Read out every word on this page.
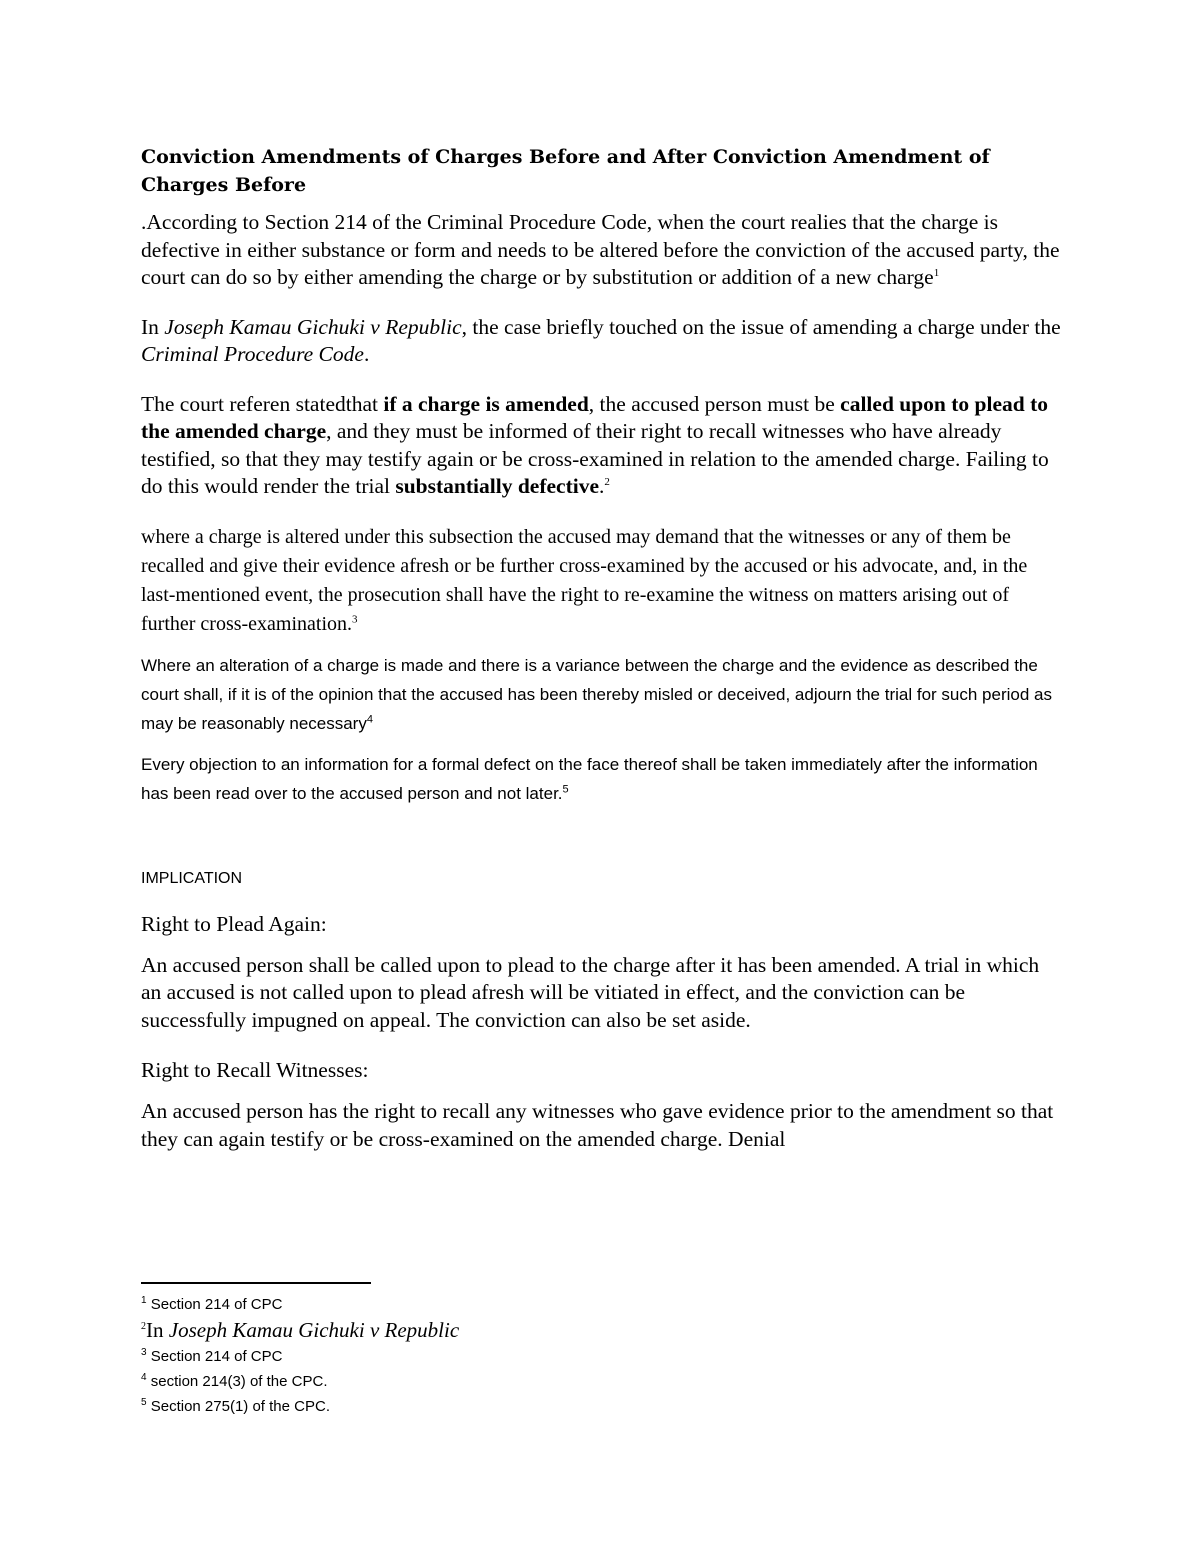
Conviction Amendments of Charges Before and After Conviction Amendment of Charges Before

.According to Section 214 of the Criminal Procedure Code, when the court realies that the charge is defective in either substance or form and needs to be altered before the conviction of the accused party, the court can do so by either amending the charge or by substitution or addition of a new charge$^1$

In Joseph Kamau Gichuki v Republic, the case briefly touched on the issue of amending a charge under the Criminal Procedure Code.

The court referen statedthat if a charge is amended, the accused person must be called upon to plead to the amended charge, and they must be informed of their right to recall witnesses who have already testified, so that they may testify again or be cross-examined in relation to the amended charge. Failing to do this would render the trial substantially defective.$^2$

where a charge is altered under this subsection the accused may demand that the witnesses or any of them be recalled and give their evidence afresh or be further cross-examined by the accused or his advocate, and, in the last-mentioned event, the prosecution shall have the right to re-examine the witness on matters arising out of further cross-examination.$^3$

Where an alteration of a charge is made and there is a variance between the charge and the evidence as described the court shall, if it is of the opinion that the accused has been thereby misled or deceived, adjourn the trial for such period as may be reasonably necessary$^4$

Every objection to an information for a formal defect on the face thereof shall be taken immediately after the information has been read over to the accused person and not later.$^5$

IMPLICATION

Right to Plead Again:

An accused person shall be called upon to plead to the charge after it has been amended. A trial in which an accused is not called upon to plead afresh will be vitiated in effect, and the conviction can be successfully impugned on appeal. The conviction can also be set aside.

Right to Recall Witnesses:

An accused person has the right to recall any witnesses who gave evidence prior to the amendment so that they can again testify or be cross-examined on the amended charge. Denial

$^1$ Section 214 of CPC
$^2$In Joseph Kamau Gichuki v Republic
$^3$ Section 214 of CPC
$^4$ section 214(3) of the CPC.
$^5$ Section 275(1) of the CPC.
